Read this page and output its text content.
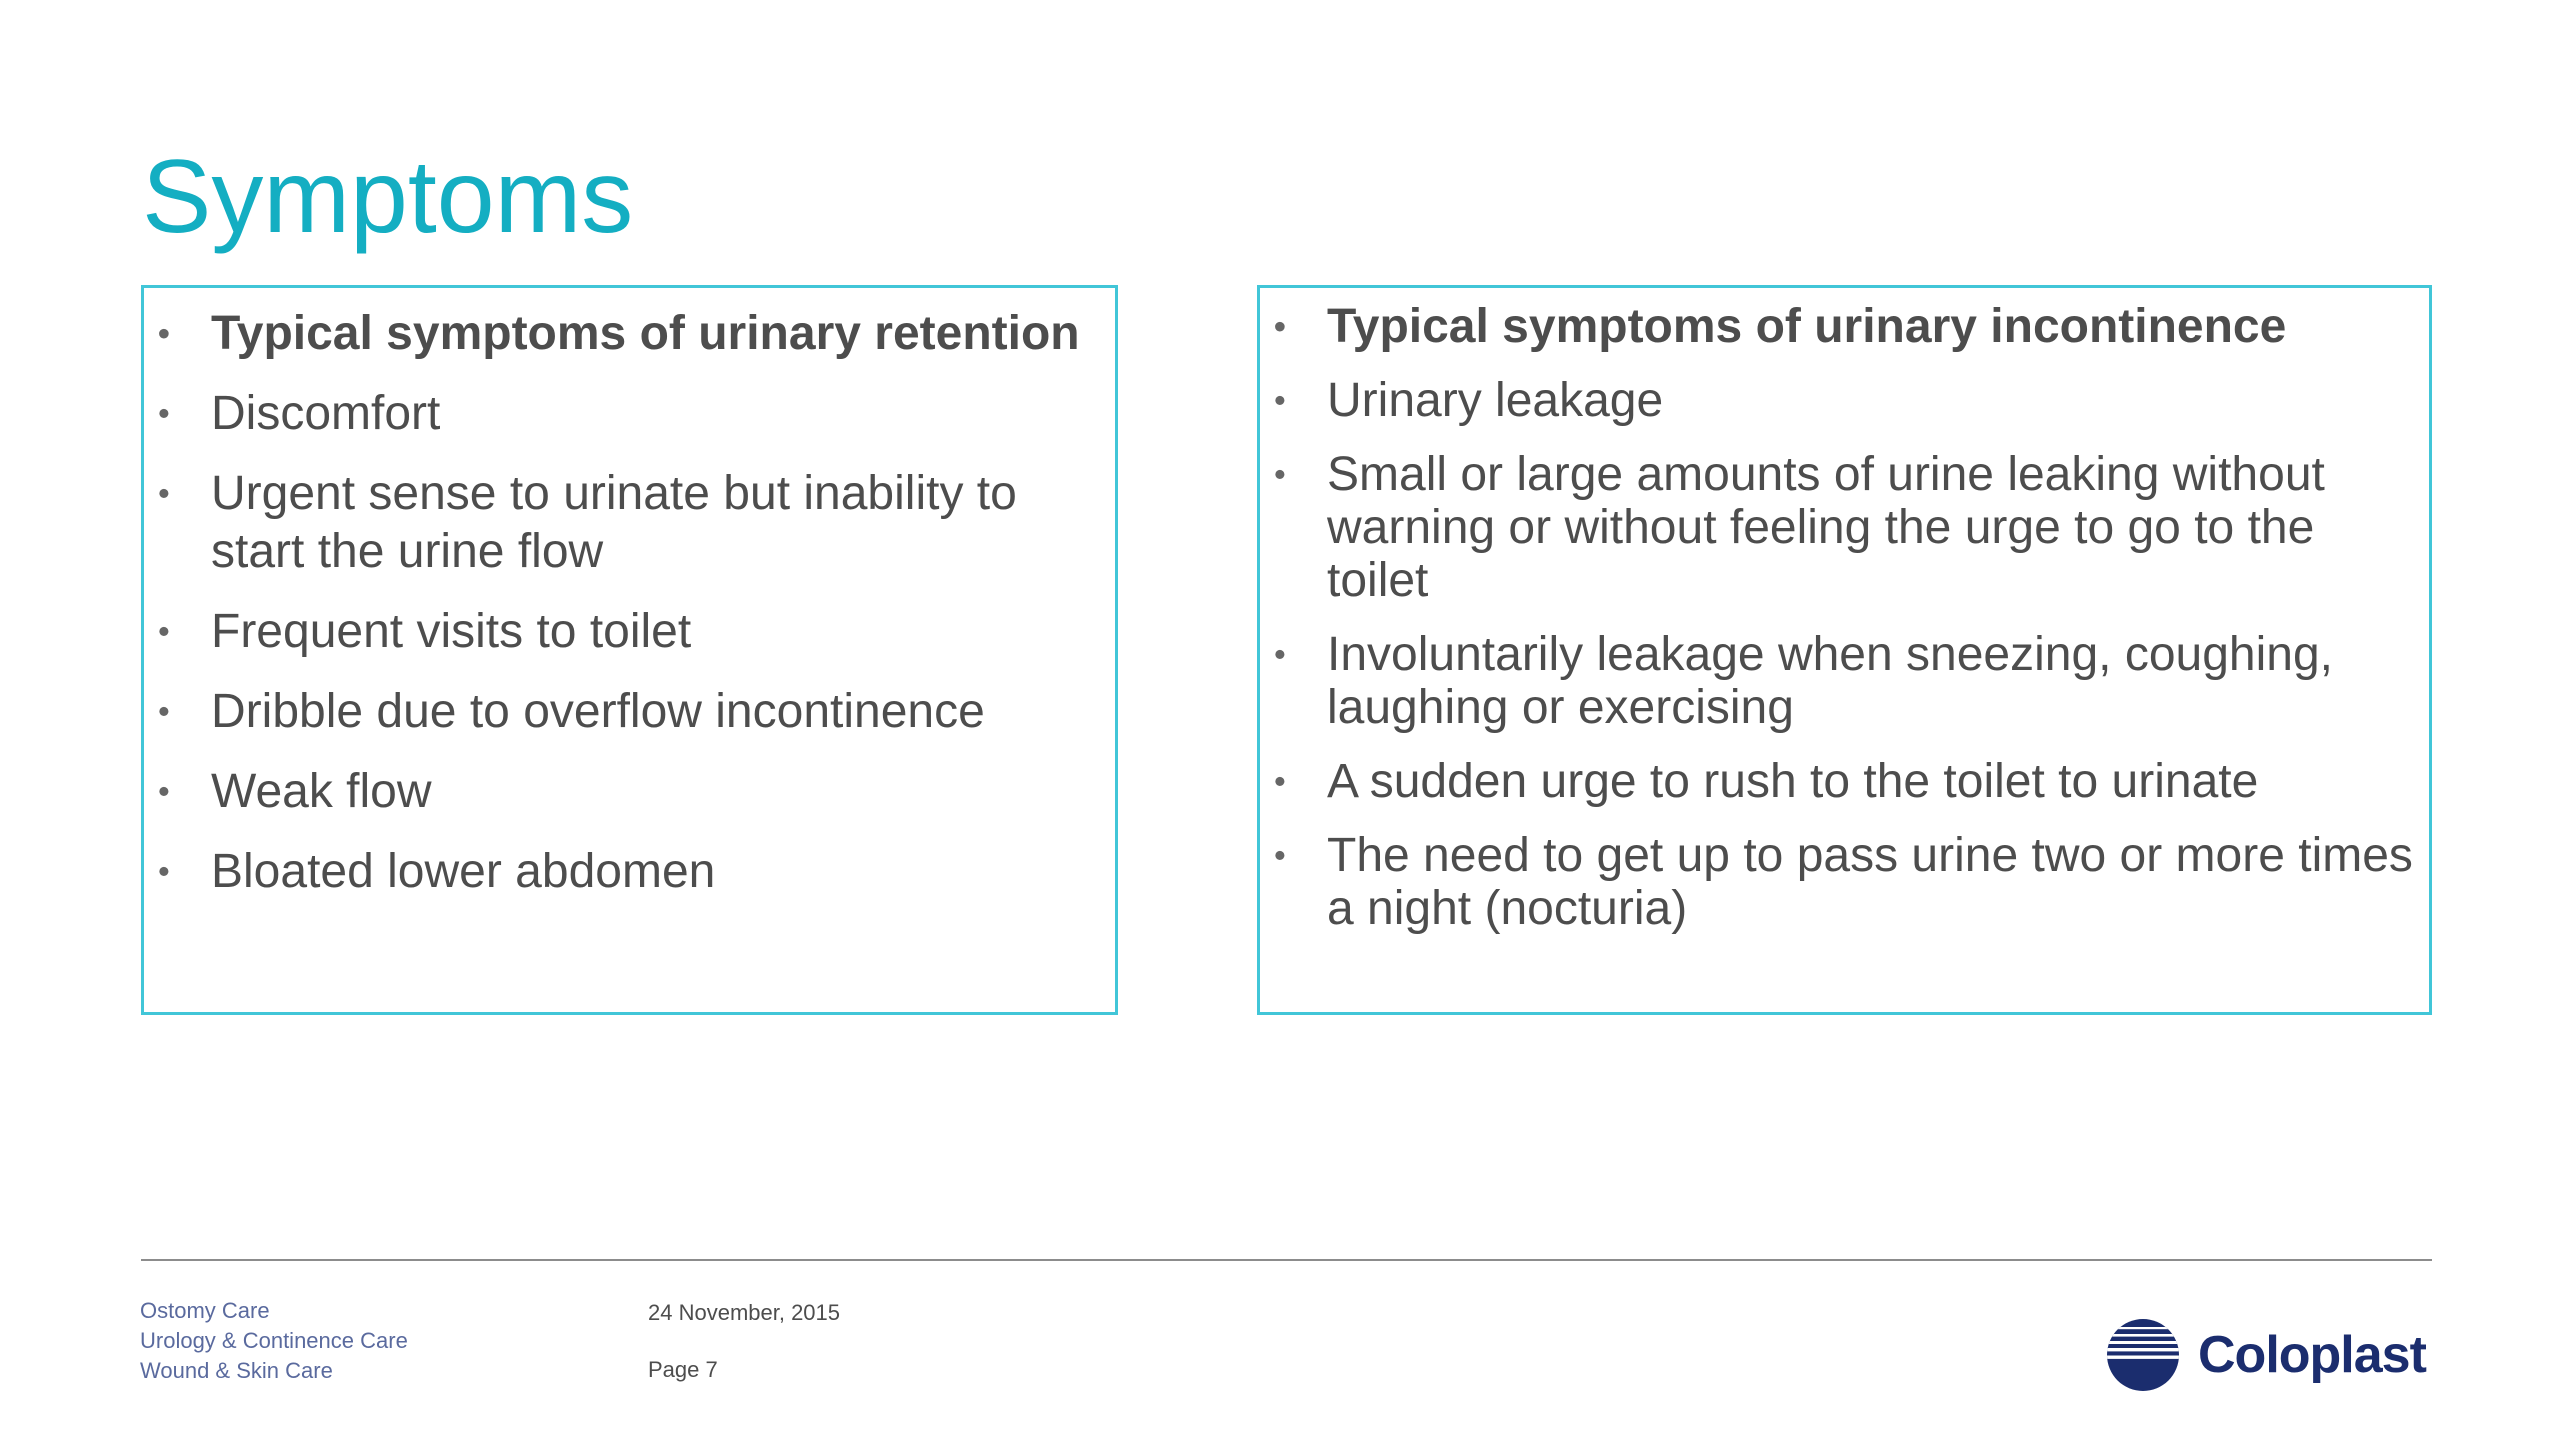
Symptoms
• Typical symptoms of urinary retention
• Discomfort
• Urgent sense to urinate but inability to start the urine flow
• Frequent visits to toilet
• Dribble due to overflow incontinence
• Weak flow
• Bloated lower abdomen
• Typical symptoms of urinary incontinence
• Urinary leakage
• Small or large amounts of urine leaking without warning or without feeling the urge to go to the toilet
• Involuntarily leakage when sneezing, coughing, laughing or exercising
• A sudden urge to rush to the toilet to urinate
• The need to get up to pass urine two or more times a night (nocturia)
Ostomy Care
Urology & Continence Care
Wound & Skin Care
24 November, 2015
Page 7	Coloplast
